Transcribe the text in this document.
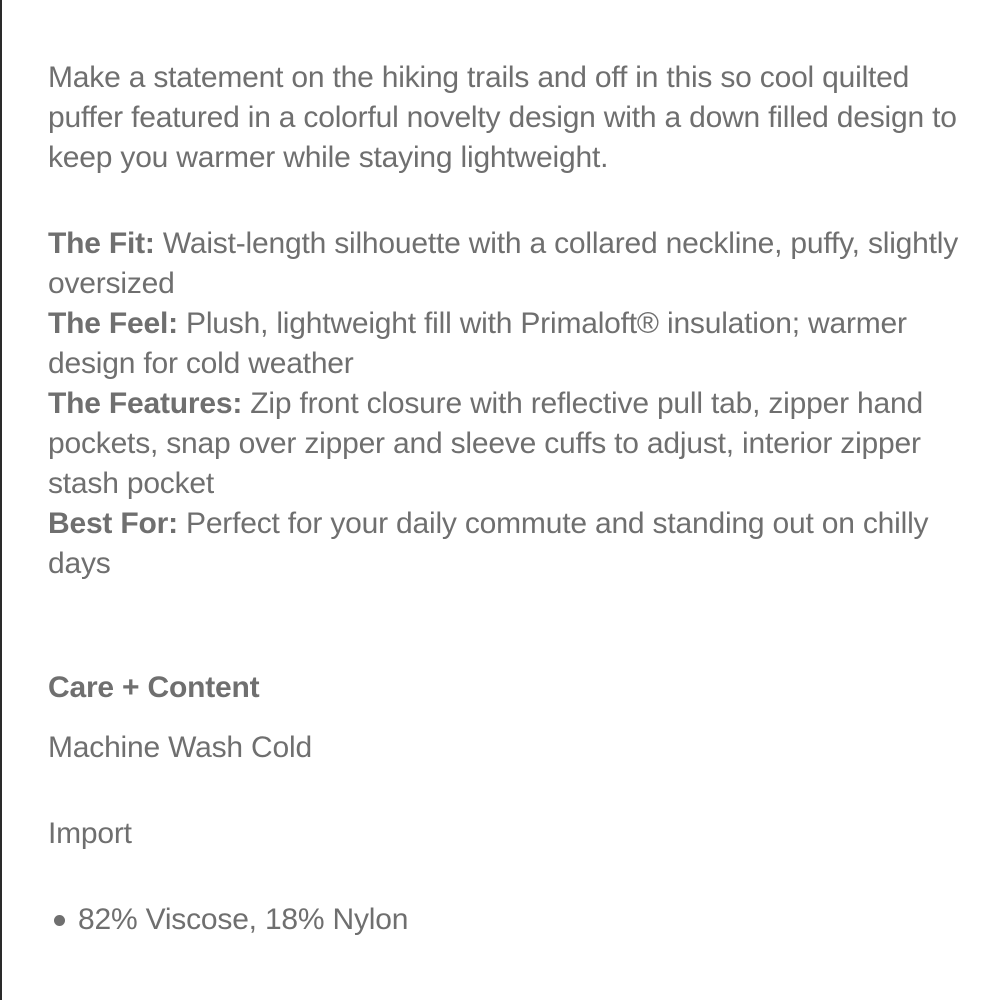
Make a statement on the hiking trails and off in this so cool quilted puffer featured in a colorful novelty design with a down filled design to keep you warmer while staying lightweight.

The Fit: Waist-length silhouette with a collared neckline, puffy, slightly oversized

The Feel: Plush, lightweight fill with Primaloft® insulation; warmer design for cold weather

The Features: Zip front closure with reflective pull tab, zipper hand pockets, snap over zipper and sleeve cuffs to adjust, interior zipper stash pocket

Best For: Perfect for your daily commute and standing out on chilly days

Care + Content

Machine Wash Cold

Import

82% Viscose, 18% Nylon
